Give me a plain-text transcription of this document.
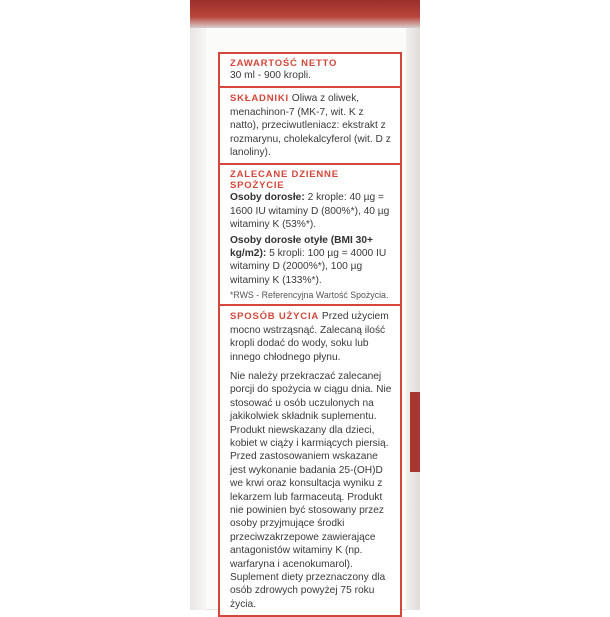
ZAWARTOŚĆ NETTO
30 ml - 900 kropli.
SKŁADNIKI Oliwa z oliwek, menachinon-7 (MK-7, wit. K z natto), przeciwutleniacz: ekstrakt z rozmarynu, cholekalcyferol (wit. D z lanoliny).
ZALECANE DZIENNE SPOŻYCIE
Osoby dorosłe: 2 krople: 40 µg = 1600 IU witaminy D (800%*), 40 µg witaminy K (53%*).
Osoby dorosłe otyłe (BMI 30+ kg/m2): 5 kropli: 100 µg = 4000 IU witaminy D (2000%*), 100 µg witaminy K (133%*).
*RWS - Referencyjna Wartość Spożycia.
SPOSÓB UŻYCIA Przed użyciem mocno wstrząsnąć. Zalecaną ilość kropli dodać do wody, soku lub innego chłodnego płynu.

Nie należy przekraczać zalecanej porcji do spożycia w ciągu dnia. Nie stosować u osób uczulonych na jakikolwiek składnik suplementu. Produkt niewskazany dla dzieci, kobiet w ciąży i karmiących piersią. Przed zastosowaniem wskazane jest wykonanie badania 25-(OH)D we krwi oraz konsultacja wyniku z lekarzem lub farmaceutą. Produkt nie powinien być stosowany przez osoby przyjmujące środki przeciwzakrzepowe zawierające antagonistów witaminy K (np. warfaryna i acenokumarol). Suplement diety przeznaczony dla osób zdrowych powyżej 75 roku życia.
